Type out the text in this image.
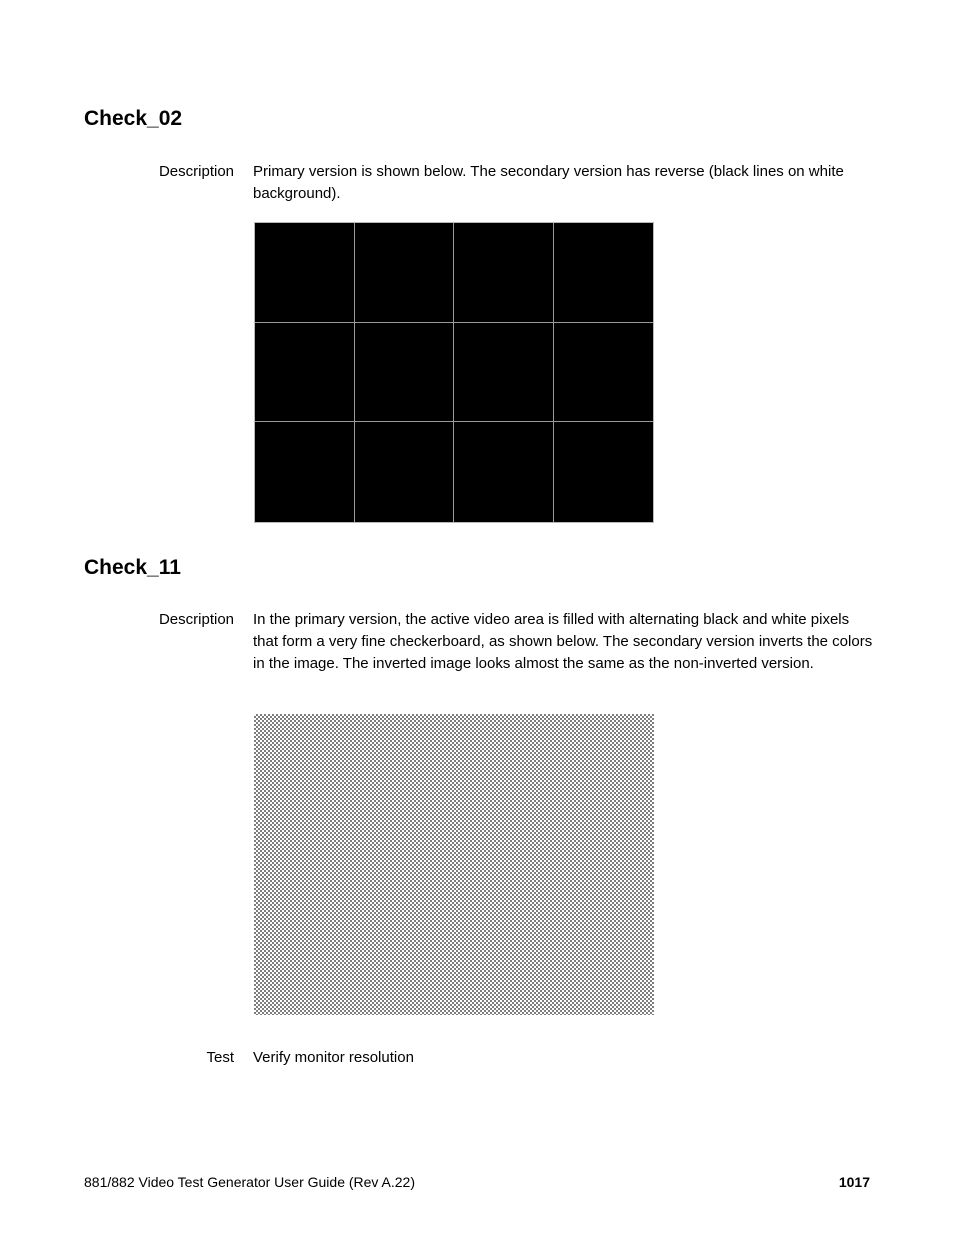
Check_02
Description Primary version is shown below. The secondary version has reverse (black lines on white background).
Check_11
Description In the primary version, the active video area is filled with alternating black and white pixels that form a very fine checkerboard, as shown below. The secondary version inverts the colors in the image. The inverted image looks almost the same as the non-inverted version.
Test Verify monitor resolution
881/882 Video Test Generator User Guide (Rev A.22)	1017
